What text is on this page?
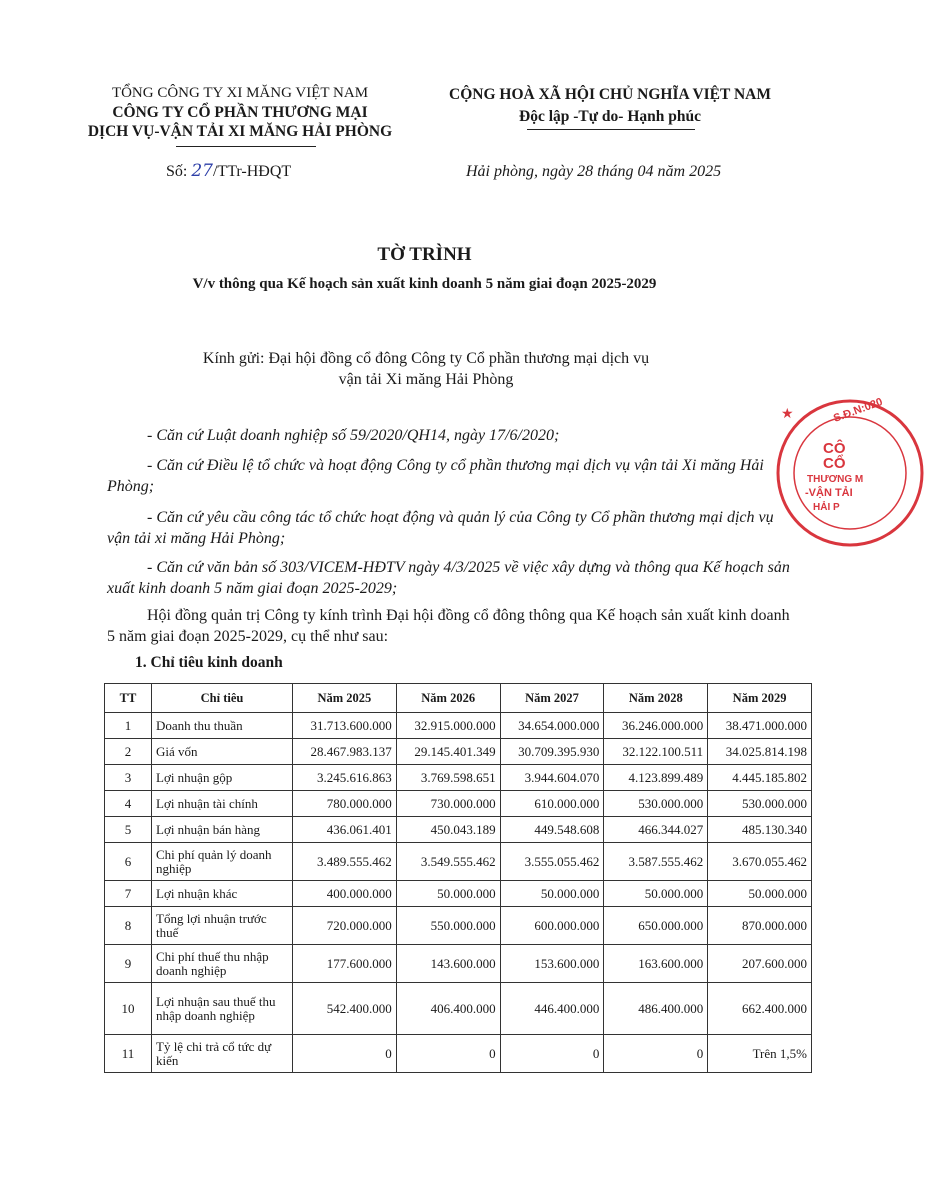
TỔNG CÔNG TY XI MĂNG VIỆT NAM
CÔNG TY CỔ PHẦN THƯƠNG MẠI
DỊCH VỤ-VẬN TẢI XI MĂNG HẢI PHÒNG
CỘNG HOÀ XÃ HỘI CHỦ NGHĨA VIỆT NAM
Độc lập -Tự do- Hạnh phúc
Số: 27/TTr-HĐQT	Hải phòng, ngày 28 tháng 04 năm 2025
TỜ TRÌNH
V/v thông qua Kế hoạch sản xuất kinh doanh 5 năm giai đoạn 2025-2029
Kính gửi: Đại hội đồng cổ đông Công ty Cổ phần thương mại dịch vụ
vận tải Xi măng Hải Phòng
- Căn cứ Luật doanh nghiệp số 59/2020/QH14, ngày 17/6/2020;
- Căn cứ Điều lệ tổ chức và hoạt động Công ty cổ phần thương mại dịch vụ vận tải Xi măng Hải Phòng;
- Căn cứ yêu cầu công tác tổ chức hoạt động và quản lý của Công ty Cổ phần thương mại dịch vụ vận tải xi măng Hải Phòng;
- Căn cứ văn bản số 303/VICEM-HĐTV ngày 4/3/2025 về việc xây dựng và thông qua Kế hoạch sản xuất kinh doanh 5 năm giai đoạn 2025-2029;
Hội đồng quản trị Công ty kính trình Đại hội đồng cổ đông thông qua Kế hoạch sản xuất kinh doanh 5 năm giai đoạn 2025-2029, cụ thể như sau:
1. Chỉ tiêu kinh doanh
TT	Chỉ tiêu	Năm 2025	Năm 2026	Năm 2027	Năm 2028	Năm 2029
1	Doanh thu thuần	31.713.600.000	32.915.000.000	34.654.000.000	36.246.000.000	38.471.000.000
2	Giá vốn	28.467.983.137	29.145.401.349	30.709.395.930	32.122.100.511	34.025.814.198
3	Lợi nhuận gộp	3.245.616.863	3.769.598.651	3.944.604.070	4.123.899.489	4.445.185.802
4	Lợi nhuận tài chính	780.000.000	730.000.000	610.000.000	530.000.000	530.000.000
5	Lợi nhuận bán hàng	436.061.401	450.043.189	449.548.608	466.344.027	485.130.340
6	Chi phí quản lý doanh nghiệp	3.489.555.462	3.549.555.462	3.555.055.462	3.587.555.462	3.670.055.462
7	Lợi nhuận khác	400.000.000	50.000.000	50.000.000	50.000.000	50.000.000
8	Tổng lợi nhuận trước thuế	720.000.000	550.000.000	600.000.000	650.000.000	870.000.000
9	Chi phí thuế thu nhập doanh nghiệp	177.600.000	143.600.000	153.600.000	163.600.000	207.600.000
10	Lợi nhuận sau thuế thu nhập doanh nghiệp	542.400.000	406.400.000	446.400.000	486.400.000	662.400.000
11	Tỷ lệ chi trả cổ tức dự kiến	0	0	0	0	Trên 1,5%
S.Đ.N:020
CÔ
CỔ
THƯƠNG M
-VẬN TẢI
HẢI P
★
